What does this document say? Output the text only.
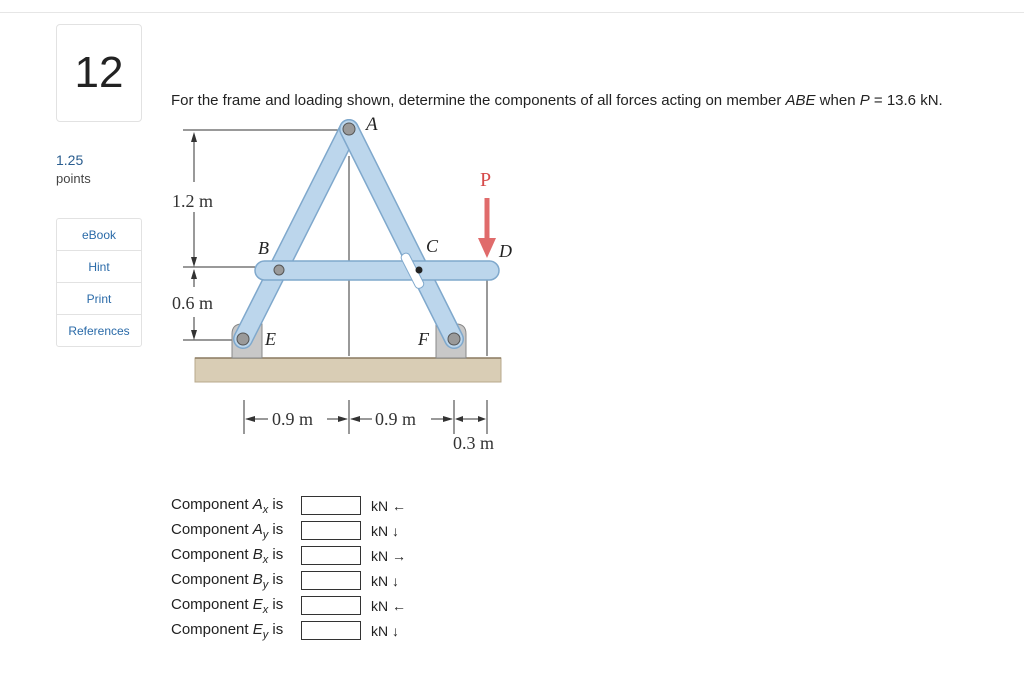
12
1.25
points
eBook
Hint
Print
References
For the frame and loading shown, determine the components of all forces acting on member ABE when P = 13.6 kN.
P
A
B	C	D
E	F
1.2 m
0.6 m
0.9 m	0.9 m
0.3 m
Component $A_x$ is	kN ←
Component $A_y$ is	kN ↓
Component $B_x$ is	kN →
Component $B_y$ is	kN ↓
Component $E_x$ is	kN ←
Component $E_y$ is	kN ↓
